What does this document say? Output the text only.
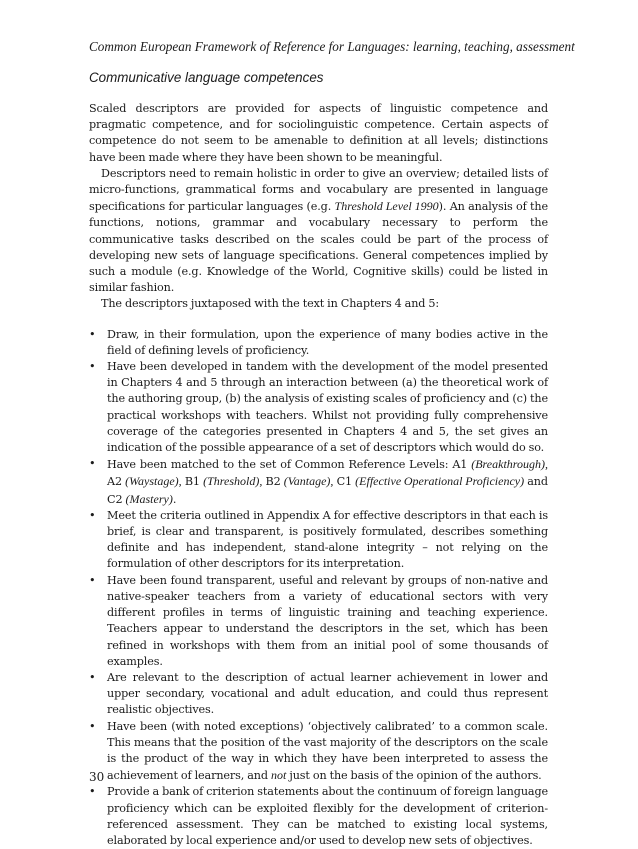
Common European Framework of Reference for Languages: learning, teaching, assessment
Communicative language competences

Scaled descriptors are provided for aspects of linguistic competence and pragmatic competence, and for sociolinguistic competence. Certain aspects of competence do not seem to be amenable to definition at all levels; distinctions have been made where they have been shown to be meaningful.

Descriptors need to remain holistic in order to give an overview; detailed lists of micro-functions, grammatical forms and vocabulary are presented in language specifications for particular languages (e.g. Threshold Level 1990). An analysis of the functions, notions, grammar and vocabulary necessary to perform the communicative tasks described on the scales could be part of the process of developing new sets of language specifications. General competences implied by such a module (e.g. Knowledge of the World, Cognitive skills) could be listed in similar fashion.

The descriptors juxtaposed with the text in Chapters 4 and 5:

• Draw, in their formulation, upon the experience of many bodies active in the field of defining levels of proficiency.
• Have been developed in tandem with the development of the model presented in Chapters 4 and 5 through an interaction between (a) the theoretical work of the authoring group, (b) the analysis of existing scales of proficiency and (c) the practical workshops with teachers. Whilst not providing fully comprehensive coverage of the categories presented in Chapters 4 and 5, the set gives an indication of the possible appearance of a set of descriptors which would do so.
• Have been matched to the set of Common Reference Levels: A1 (Breakthrough), A2 (Waystage), B1 (Threshold), B2 (Vantage), C1 (Effective Operational Proficiency) and C2 (Mastery).
• Meet the criteria outlined in Appendix A for effective descriptors in that each is brief, is clear and transparent, is positively formulated, describes something definite and has independent, stand-alone integrity – not relying on the formulation of other descriptors for its interpretation.
• Have been found transparent, useful and relevant by groups of non-native and native-speaker teachers from a variety of educational sectors with very different profiles in terms of linguistic training and teaching experience. Teachers appear to understand the descriptors in the set, which has been refined in workshops with them from an initial pool of some thousands of examples.
• Are relevant to the description of actual learner achievement in lower and upper secondary, vocational and adult education, and could thus represent realistic objectives.
• Have been (with noted exceptions) ‘objectively calibrated’ to a common scale. This means that the position of the vast majority of the descriptors on the scale is the product of the way in which they have been interpreted to assess the achievement of learners, and not just on the basis of the opinion of the authors.
• Provide a bank of criterion statements about the continuum of foreign language proficiency which can be exploited flexibly for the development of criterion-referenced assessment. They can be matched to existing local systems, elaborated by local experience and/or used to develop new sets of objectives.
30
